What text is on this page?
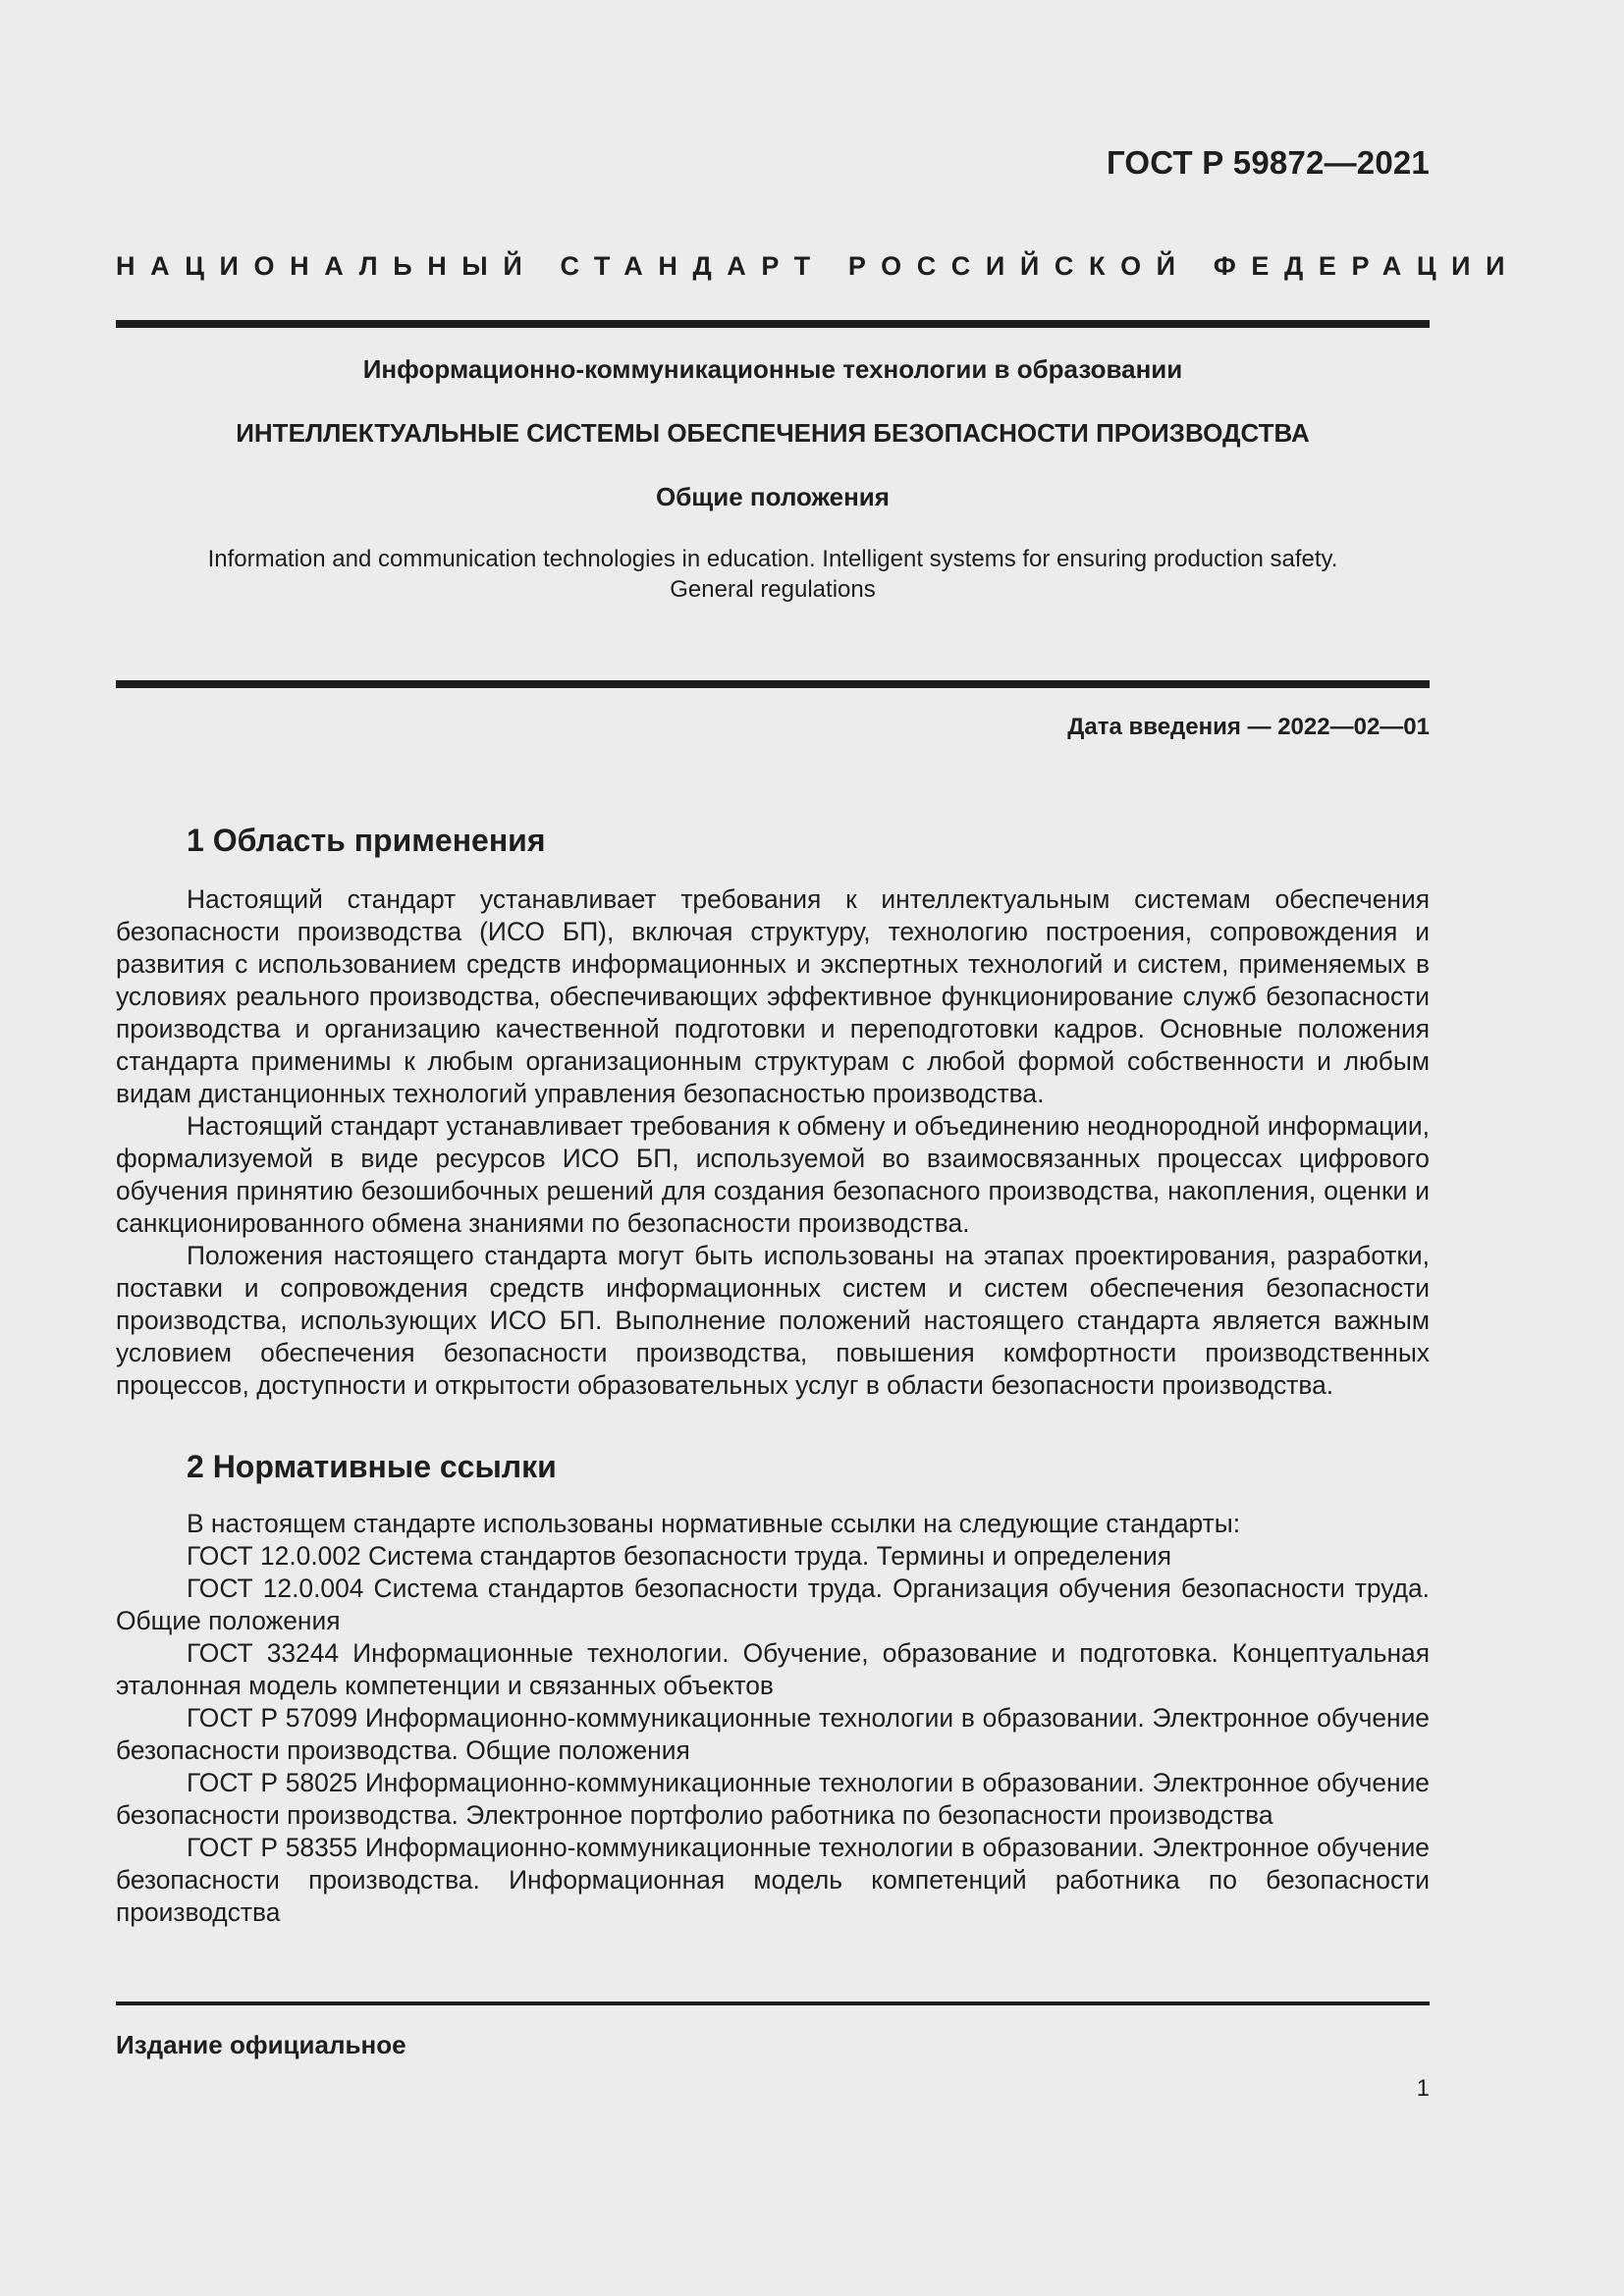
ГОСТ Р 59872—2021
НАЦИОНАЛЬНЫЙ СТАНДАРТ РОССИЙСКОЙ ФЕДЕРАЦИИ
Информационно-коммуникационные технологии в образовании
ИНТЕЛЛЕКТУАЛЬНЫЕ СИСТЕМЫ ОБЕСПЕЧЕНИЯ БЕЗОПАСНОСТИ ПРОИЗВОДСТВА
Общие положения
Information and communication technologies in education. Intelligent systems for ensuring production safety.
General regulations
Дата введения — 2022—02—01
1 Область применения

Настоящий стандарт устанавливает требования к интеллектуальным системам обеспечения безопасности производства (ИСО БП), включая структуру, технологию построения, сопровождения и развития с использованием средств информационных и экспертных технологий и систем, применяемых в условиях реального производства, обеспечивающих эффективное функционирование служб безопасности производства и организацию качественной подготовки и переподготовки кадров. Основные положения стандарта применимы к любым организационным структурам с любой формой собственности и любым видам дистанционных технологий управления безопасностью производства.

Настоящий стандарт устанавливает требования к обмену и объединению неоднородной информации, формализуемой в виде ресурсов ИСО БП, используемой во взаимосвязанных процессах цифрового обучения принятию безошибочных решений для создания безопасного производства, накопления, оценки и санкционированного обмена знаниями по безопасности производства.

Положения настоящего стандарта могут быть использованы на этапах проектирования, разработки, поставки и сопровождения средств информационных систем и систем обеспечения безопасности производства, использующих ИСО БП. Выполнение положений настоящего стандарта является важным условием обеспечения безопасности производства, повышения комфортности производственных процессов, доступности и открытости образовательных услуг в области безопасности производства.

2 Нормативные ссылки

В настоящем стандарте использованы нормативные ссылки на следующие стандарты:

ГОСТ 12.0.002 Система стандартов безопасности труда. Термины и определения

ГОСТ 12.0.004 Система стандартов безопасности труда. Организация обучения безопасности труда. Общие положения

ГОСТ 33244 Информационные технологии. Обучение, образование и подготовка. Концептуальная эталонная модель компетенции и связанных объектов

ГОСТ Р 57099 Информационно-коммуникационные технологии в образовании. Электронное обучение безопасности производства. Общие положения

ГОСТ Р 58025 Информационно-коммуникационные технологии в образовании. Электронное обучение безопасности производства. Электронное портфолио работника по безопасности производства

ГОСТ Р 58355 Информационно-коммуникационные технологии в образовании. Электронное обучение безопасности производства. Информационная модель компетенций работника по безопасности производства

Издание официальное
1
